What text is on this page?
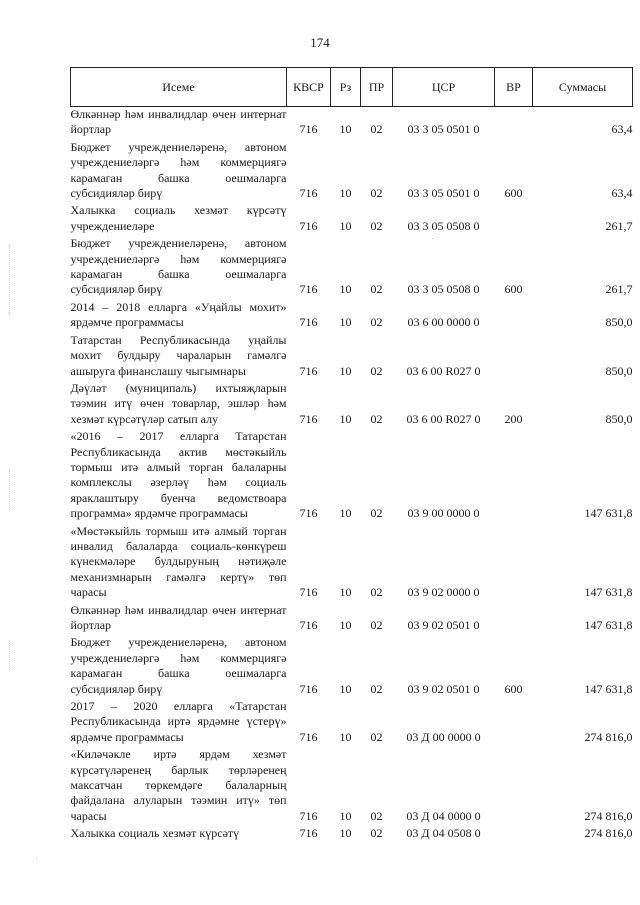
174
Исеме	КВСР	Рз	ПР	ЦСР	ВР	Суммасы
Өлкәннәр һәм инвалидлар өчен интернат йортлар	716	10	02	03 3 05 0501 0		63,4
Бюджет учреждениеләренә, автоном учреждениеләргә һәм коммерциягә карамаган башка оешмаларга субсидияләр бирү	716	10	02	03 3 05 0501 0	600	63,4
Халыкка социаль хезмәт күрсәтү учреждениеләре	716	10	02	03 3 05 0508 0		261,7
Бюджет учреждениеләренә, автоном учреждениеләргә һәм коммерциягә карамаган башка оешмаларга субсидияләр бирү	716	10	02	03 3 05 0508 0	600	261,7
2014 – 2018 елларга «Уңайлы мохит» ярдәмче программасы	716	10	02	03 6 00 0000 0		850,0
Татарстан Республикасында уңайлы мохит булдыру чараларын гамәлгә ашыруга финанслашу чыгымнары	716	10	02	03 6 00 R027 0		850,0
Дәүләт (муниципаль) ихтыяҗларын тәэмин итү өчен товарлар, эшләр һәм хезмәт күрсәтүләр сатып алу	716	10	02	03 6 00 R027 0	200	850,0
«2016 – 2017 елларга Татарстан Республикасында актив мөстәкыйль тормыш итә алмый торган балаларны комплекслы әзерләү һәм социаль яраклаштыру буенча ведомствоара программа» ярдәмче программасы	716	10	02	03 9 00 0000 0		147 631,8
«Мөстәкыйль тормыш итә алмый торган инвалид балаларда социаль-көнкүреш күнекмәләре булдыруның нәтиҗәле механизмнарын гамәлгә кертү» төп чарасы	716	10	02	03 9 02 0000 0		147 631,8
Өлкәннәр һәм инвалидлар өчен интернат йортлар	716	10	02	03 9 02 0501 0		147 631,8
Бюджет учреждениеләренә, автоном учреждениеләргә һәм коммерциягә карамаган башка оешмаларга субсидияләр бирү	716	10	02	03 9 02 0501 0	600	147 631,8
2017 – 2020 елларга «Татарстан Республикасында иртә ярдәмне үстерү» ярдәмче программасы	716	10	02	03 Д 00 0000 0		274 816,0
«Киләчәкле иртә ярдәм хезмәт күрсәтүләренең барлык төрләренең максатчан төркемдәге балаларның файдалана алуларын тәэмин итү» төп чарасы	716	10	02	03 Д 04 0000 0		274 816,0
Халыкка социаль хезмәт күрсәтү	716	10	02	03 Д 04 0508 0		274 816,0
